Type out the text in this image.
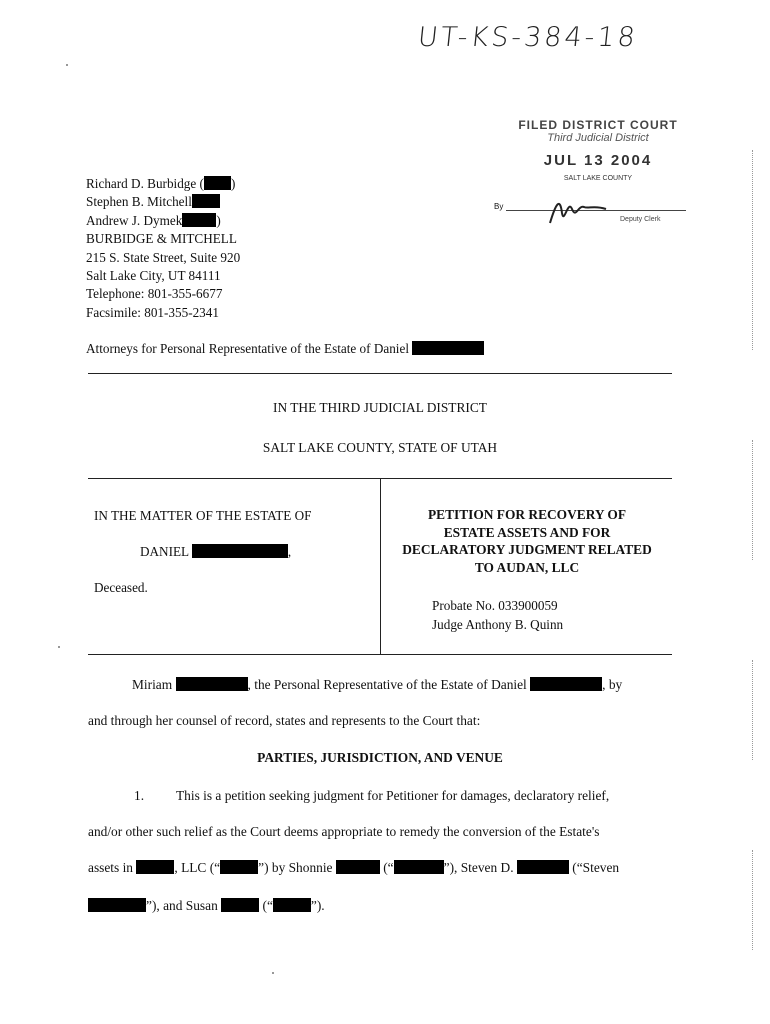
UT-KS-384-18
FILED DISTRICT COURT
Third Judicial District
JUL 13 2004
SALT LAKE COUNTY
By
Deputy Clerk
Richard D. Burbidge ( )
Stephen B. Mitchell
Andrew J. Dymek	)
BURBIDGE & MITCHELL
215 S. State Street, Suite 920
Salt Lake City, UT 84111
Telephone: 801-355-6677
Facsimile: 801-355-2341
Attorneys for Personal Representative of the Estate of Daniel
IN THE THIRD JUDICIAL DISTRICT
SALT LAKE COUNTY, STATE OF UTAH
IN THE MATTER OF THE ESTATE OF
DANIEL	,
Deceased.
PETITION FOR RECOVERY OF ESTATE ASSETS AND FOR DECLARATORY JUDGMENT RELATED TO AUDAN, LLC
Probate No. 033900059
Judge Anthony B. Quinn
Miriam	, the Personal Representative of the Estate of Daniel	, by
and through her counsel of record, states and represents to the Court that:
PARTIES, JURISDICTION, AND VENUE
1. This is a petition seeking judgment for Petitioner for damages, declaratory relief,
and/or other such relief as the Court deems appropriate to remedy the conversion of the Estate's
assets in	, LLC (“	”) by Shonnie	(“	”), Steven D.	(“Steven
”), and Susan	(“	”).
